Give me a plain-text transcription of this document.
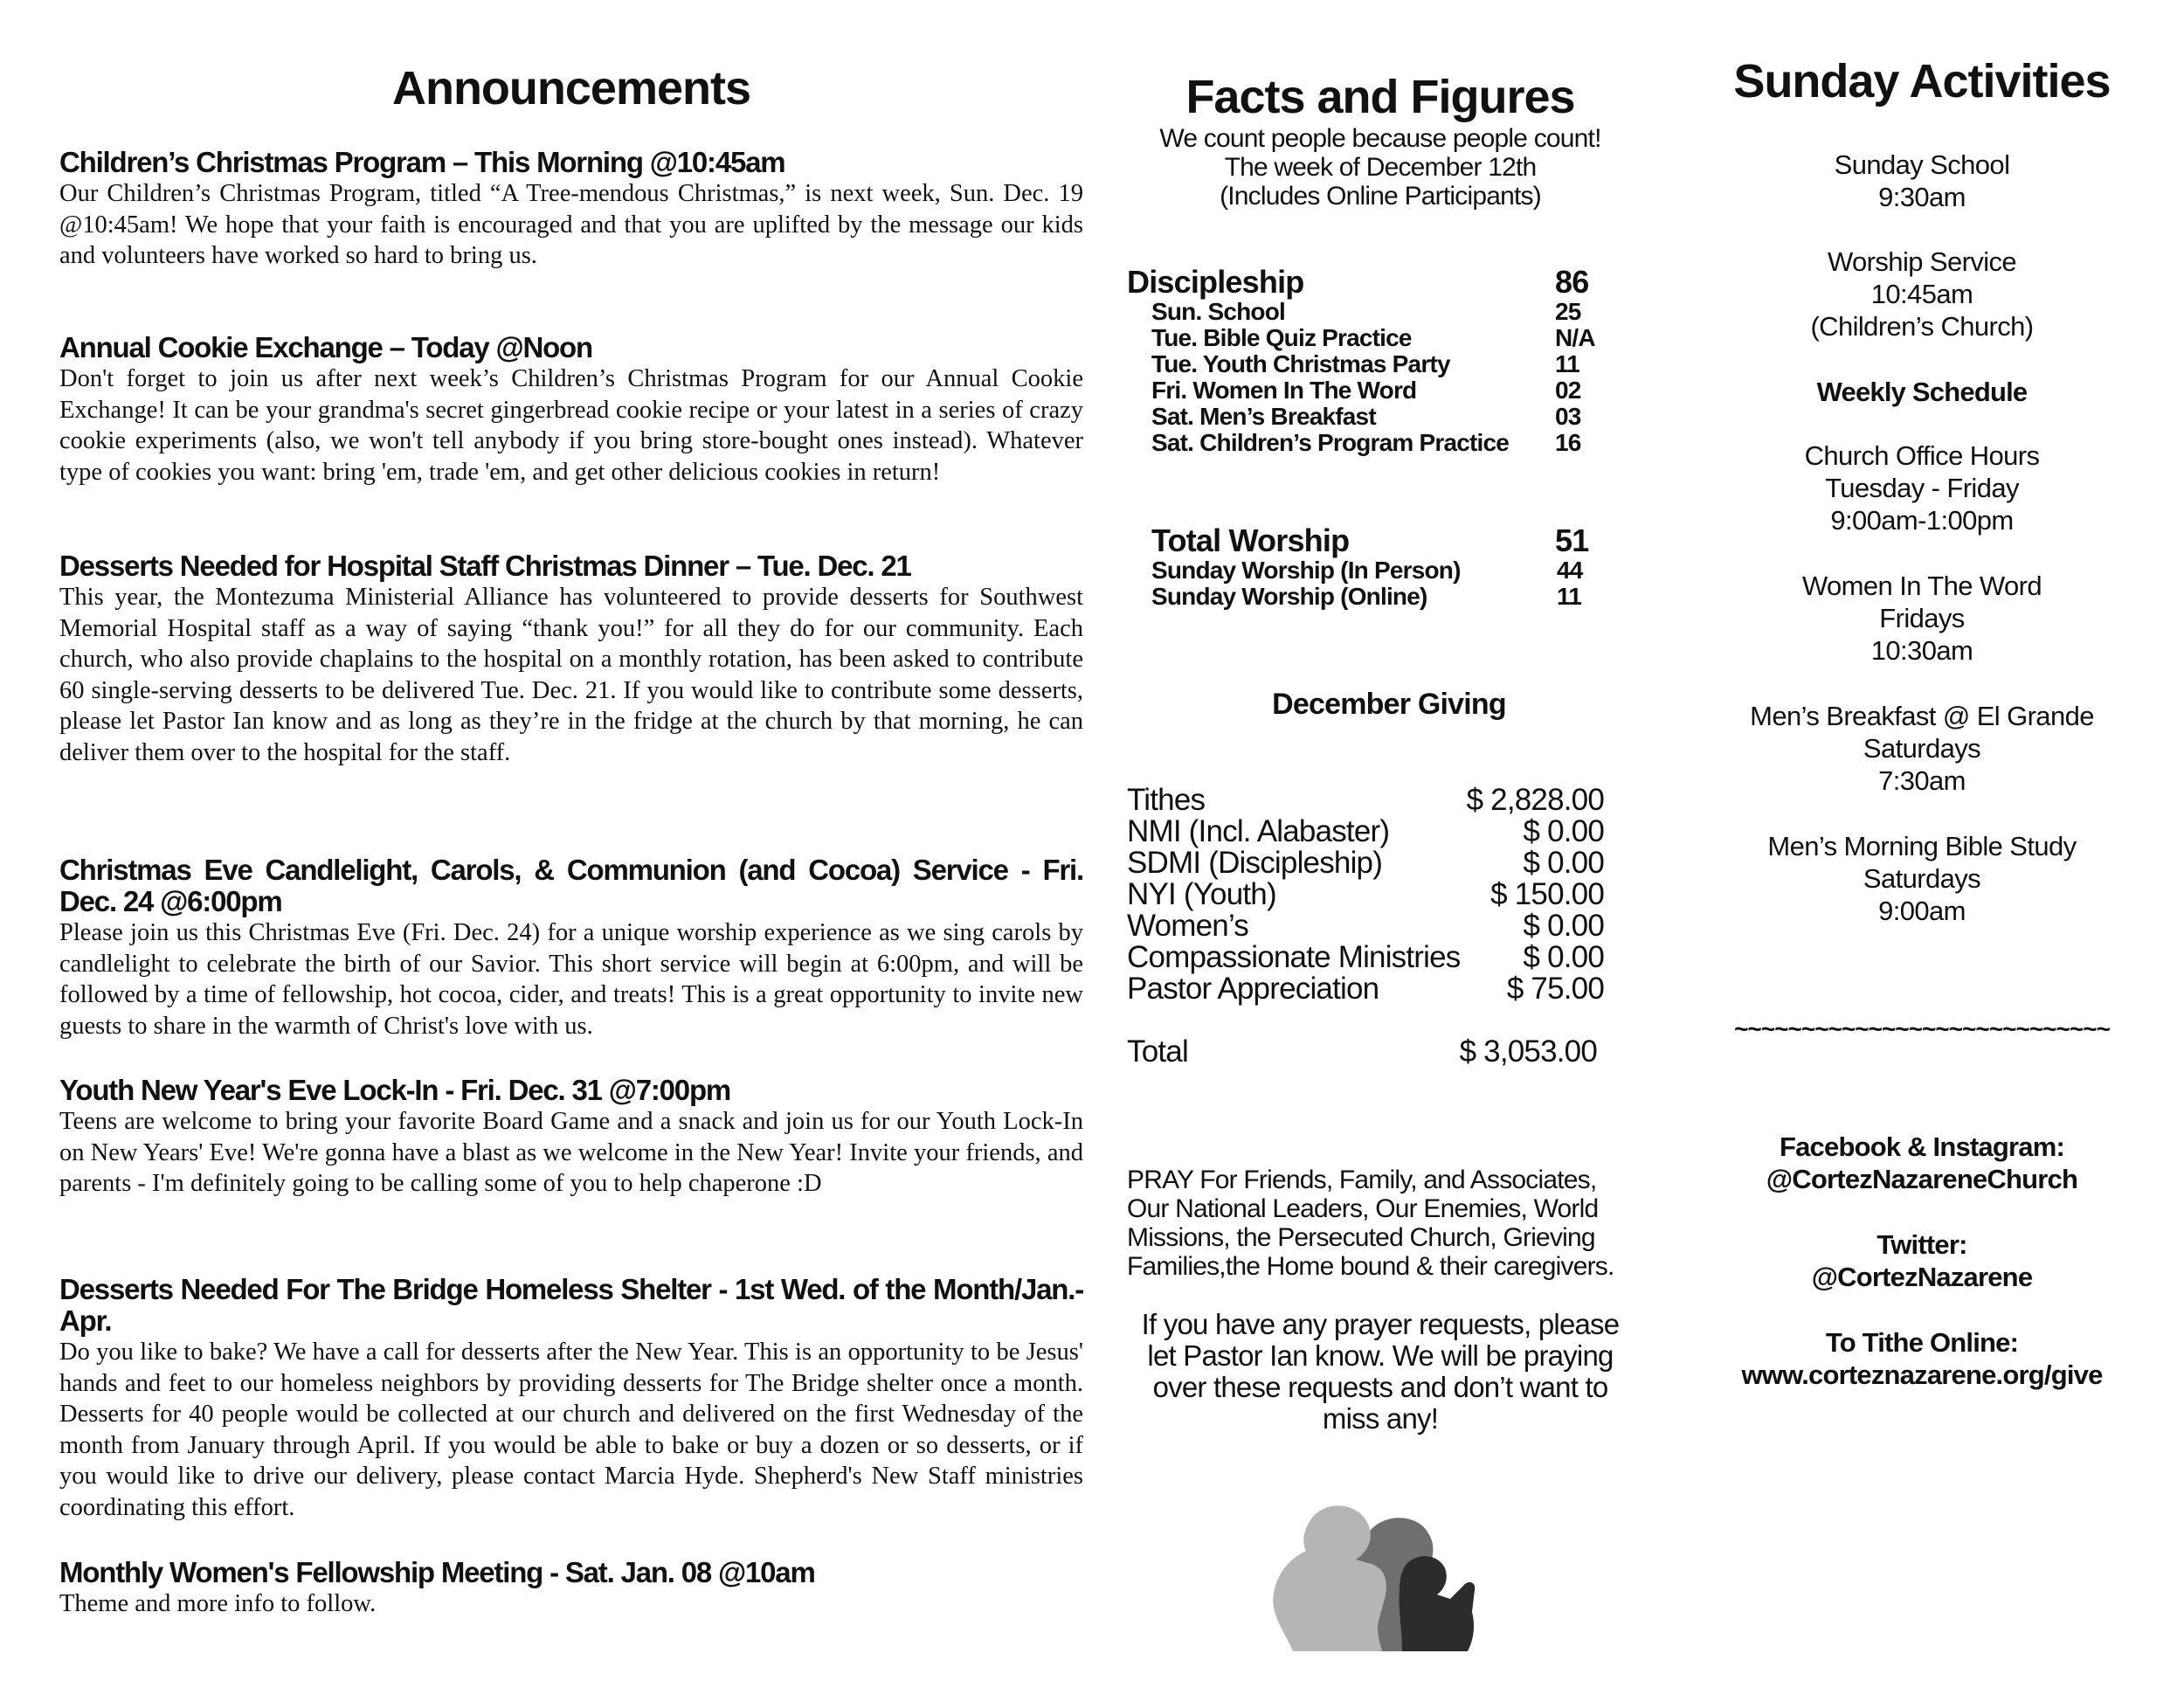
Announcements

Children’s Christmas Program – This Morning @10:45am

Our Children’s Christmas Program, titled “A Tree-mendous Christmas,” is next week, Sun. Dec. 19 @10:45am! We hope that your faith is encouraged and that you are uplifted by the message our kids and volunteers have worked so hard to bring us.

Annual Cookie Exchange – Today @Noon

Don't forget to join us after next week’s Children’s Christmas Program for our Annual Cookie Exchange! It can be your grandma's secret gingerbread cookie recipe or your latest in a series of crazy cookie experiments (also, we won't tell anybody if you bring store-bought ones instead). Whatever type of cookies you want: bring 'em, trade 'em, and get other delicious cookies in return!

Desserts Needed for Hospital Staff Christmas Dinner – Tue. Dec. 21

This year, the Montezuma Ministerial Alliance has volunteered to provide desserts for Southwest Memorial Hospital staff as a way of saying “thank you!” for all they do for our community. Each church, who also provide chaplains to the hospital on a monthly rotation, has been asked to contribute 60 single-serving desserts to be delivered Tue. Dec. 21. If you would like to contribute some desserts, please let Pastor Ian know and as long as they’re in the fridge at the church by that morning, he can deliver them over to the hospital for the staff.

Christmas Eve Candlelight, Carols, & Communion (and Cocoa) Service - Fri. Dec. 24 @6:00pm

Please join us this Christmas Eve (Fri. Dec. 24) for a unique worship experience as we sing carols by candlelight to celebrate the birth of our Savior. This short service will begin at 6:00pm, and will be followed by a time of fellowship, hot cocoa, cider, and treats! This is a great opportunity to invite new guests to share in the warmth of Christ's love with us.

Youth New Year's Eve Lock-In - Fri. Dec. 31 @7:00pm

Teens are welcome to bring your favorite Board Game and a snack and join us for our Youth Lock-In on New Years' Eve! We're gonna have a blast as we welcome in the New Year! Invite your friends, and parents - I'm definitely going to be calling some of you to help chaperone :D

Desserts Needed For The Bridge Homeless Shelter - 1st Wed. of the Month/Jan.-Apr.

Do you like to bake? We have a call for desserts after the New Year. This is an opportunity to be Jesus' hands and feet to our homeless neighbors by providing desserts for The Bridge shelter once a month. Desserts for 40 people would be collected at our church and delivered on the first Wednesday of the month from January through April. If you would be able to bake or buy a dozen or so desserts, or if you would like to drive our delivery, please contact Marcia Hyde. Shepherd's New Staff ministries coordinating this effort.

Monthly Women's Fellowship Meeting - Sat. Jan. 08 @10am

Theme and more info to follow.

Facts and Figures
We count people because people count!
The week of December 12th
(Includes Online Participants)
Discipleship	86
Sun. School	25
Tue. Bible Quiz Practice	N/A
Tue. Youth Christmas Party	11
Fri. Women In The Word	02
Sat. Men’s Breakfast	03
Sat. Children’s Program Practice 16
Total Worship	51
Sunday Worship (In Person)	44
Sunday Worship (Online)	11
December Giving
Tithes	$ 2,828.00
NMI (Incl. Alabaster)	$ 0.00
SDMI (Discipleship)	$ 0.00
NYI (Youth)	$ 150.00
Women’s	$ 0.00
Compassionate Ministries $ 0.00
Pastor Appreciation	$ 75.00
Total	$ 3,053.00
PRAY For Friends, Family, and Associates, Our National Leaders, Our Enemies, World Missions, the Persecuted Church, Grieving Families,the Home bound & their caregivers.
If you have any prayer requests, please let Pastor Ian know. We will be praying over these requests and don’t want to miss any!
Sunday Activities
Sunday School
9:30am
Worship Service
10:45am
(Children’s Church)
Weekly Schedule
Church Office Hours
Tuesday - Friday
9:00am-1:00pm
Women In The Word
Fridays
10:30am
Men’s Breakfast @ El Grande
Saturdays
7:30am
Men’s Morning Bible Study
Saturdays
9:00am
~~~~~~~~~~~~~~~~~~~~~~~~~~~~
Facebook & Instagram:
@CortezNazareneChurch
Twitter:
@CortezNazarene
To Tithe Online:
www.corteznazarene.org/give
